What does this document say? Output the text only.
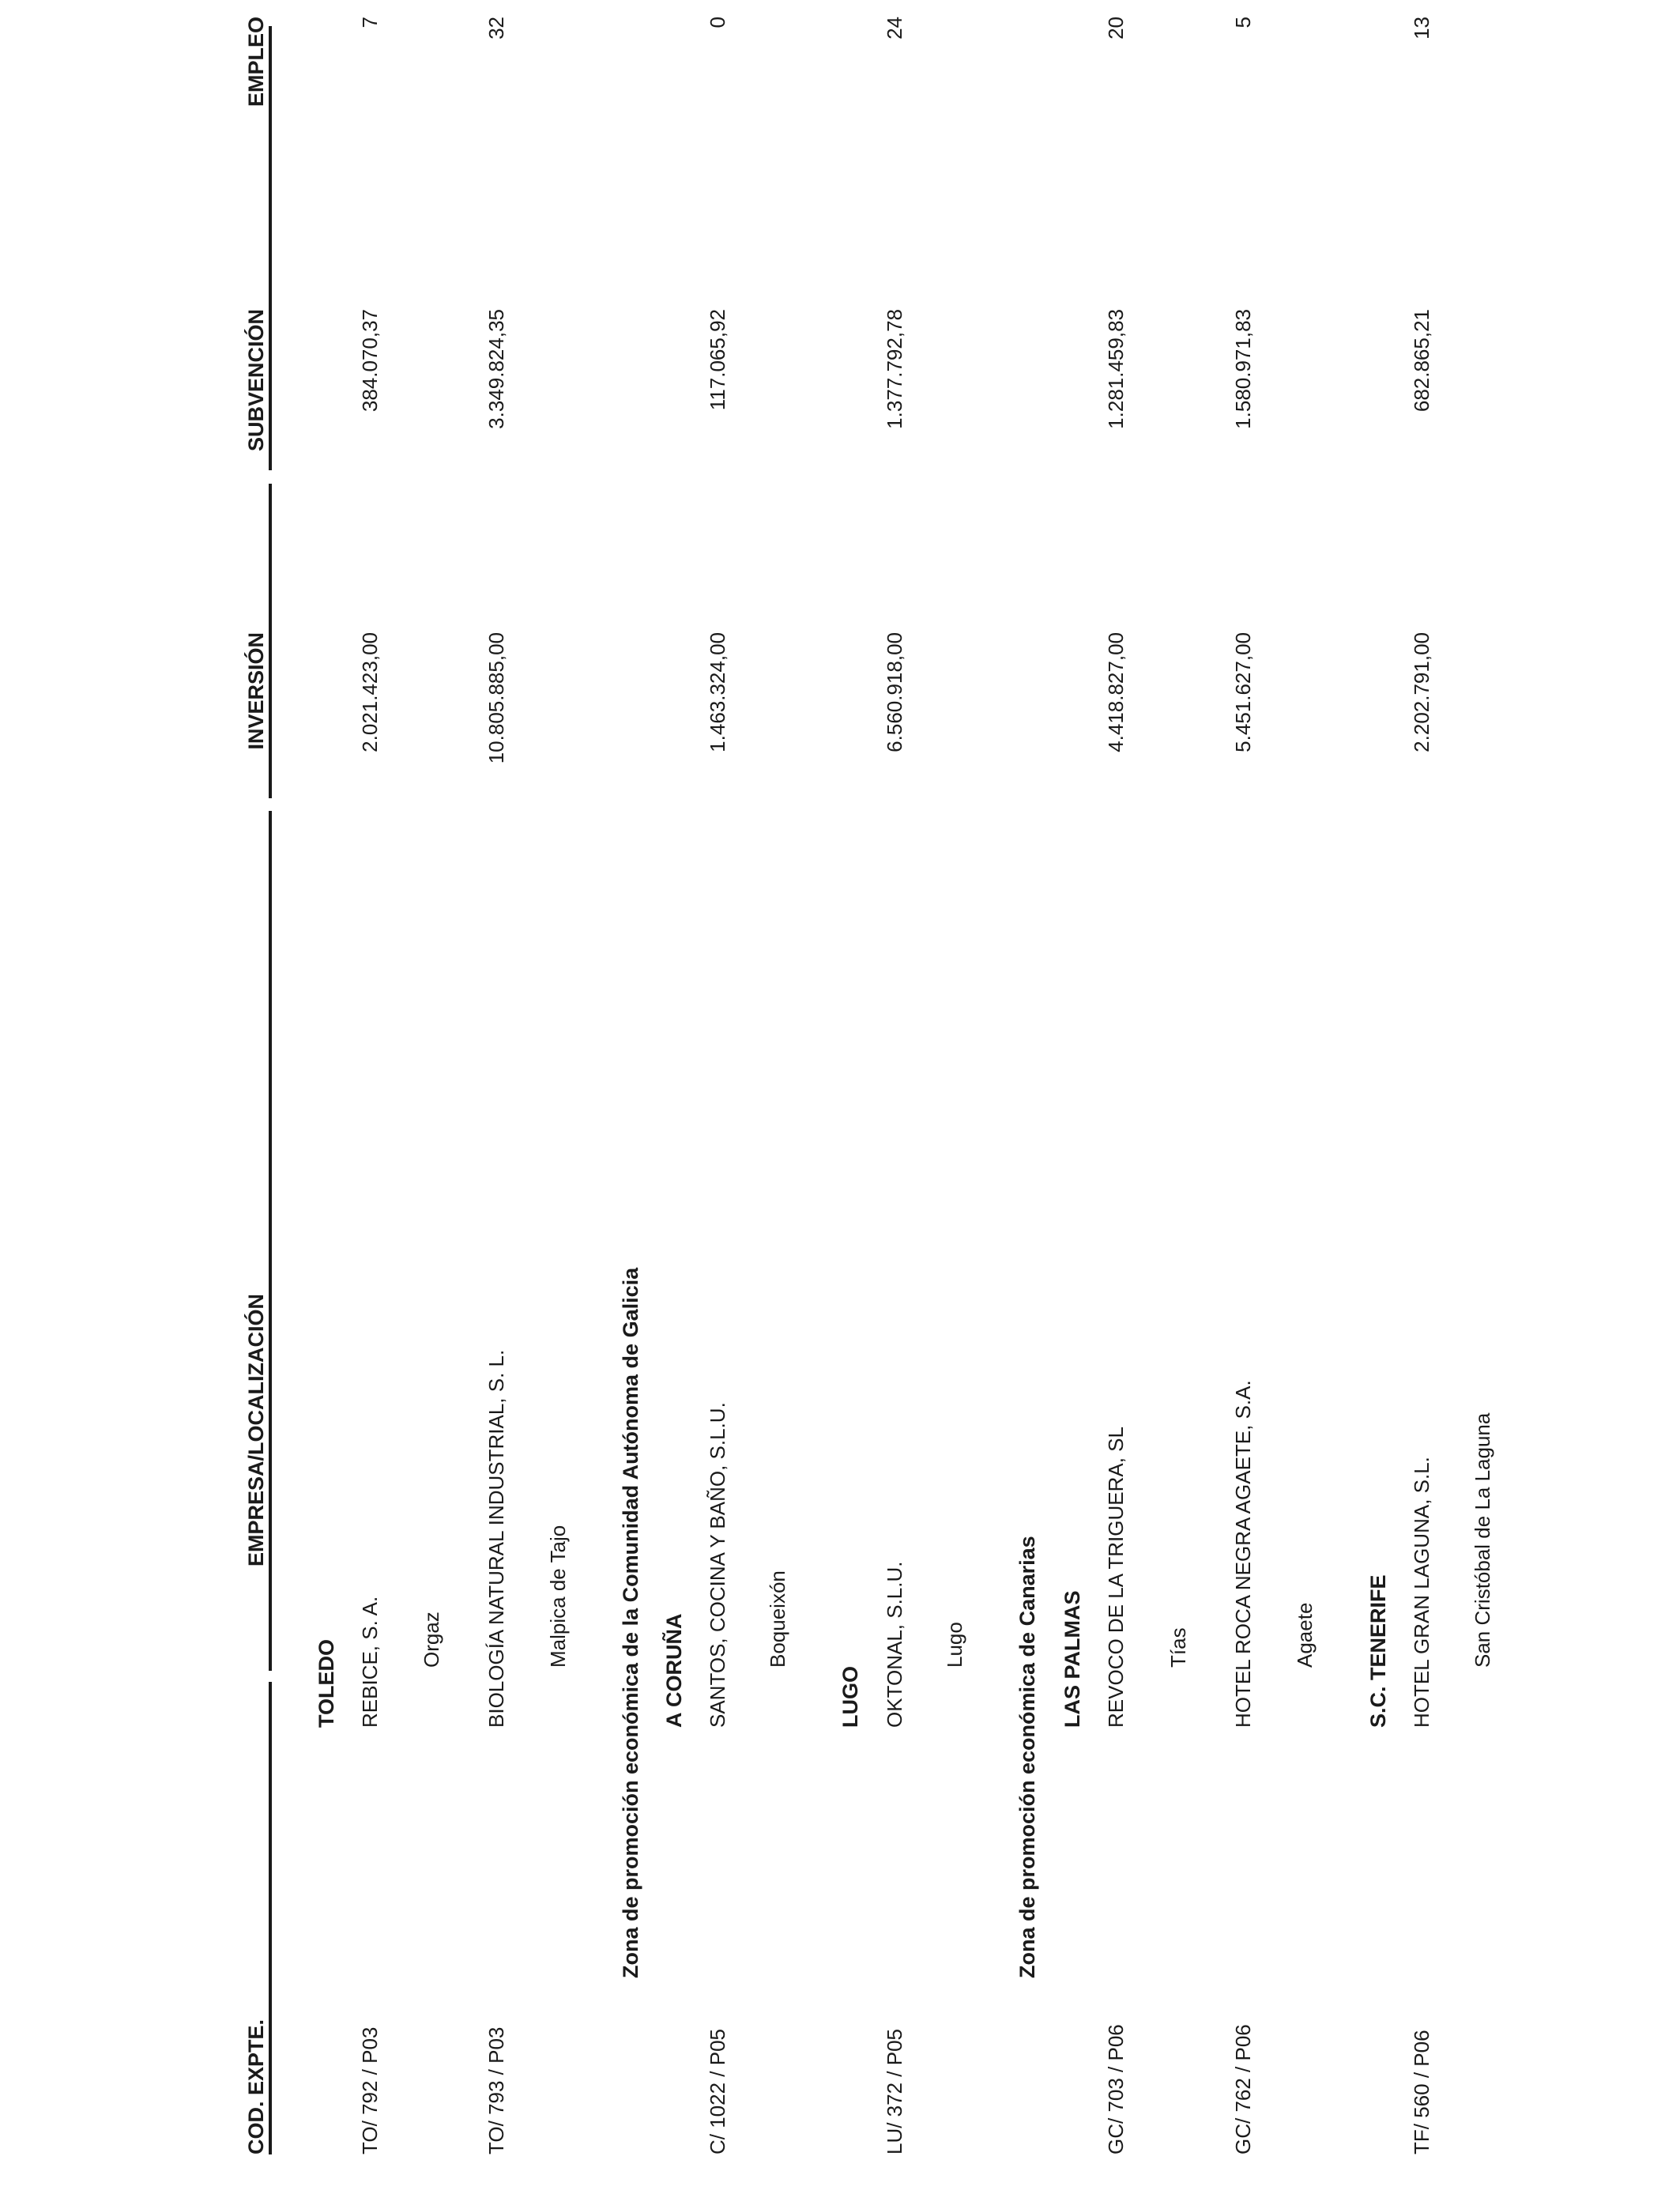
COD. EXPTE.
EMPRESA/LOCALIZACIÓN
INVERSIÓN
SUBVENCIÓN
EMPLEO
TOLEDO
TO/ 792 / P03
REBICE, S. A.
2.021.423,00
384.070,37
7
Orgaz
TO/ 793 / P03
BIOLOGÍA NATURAL INDUSTRIAL, S. L.
10.805.885,00
3.349.824,35
32
Malpica de Tajo Zona de promoción económica de la Comunidad Autónoma de Galicia A CORUÑA
C/ 1022 / P05
SANTOS, COCINA Y BAÑO, S.L.U.
1.463.324,00
117.065,92
0
Boqueixón
LUGO
LU/ 372 / P05
OKTONAL, S.L.U.
6.560.918,00
1.377.792,78
24
Lugo Zona de promoción económica de Canarias LAS PALMAS
GC/ 703 / P06
REVOCO DE LA TRIGUERA, SL
4.418.827,00
1.281.459,83
20
Tías
GC/ 762 / P06
HOTEL ROCA NEGRA AGAETE, S.A.
5.451.627,00
1.580.971,83
5
Agaete S.C. TENERIFE
TF/ 560 / P06
HOTEL GRAN LAGUNA, S.L.
2.202.791,00
682.865,21
13
San Cristóbal de La Laguna
